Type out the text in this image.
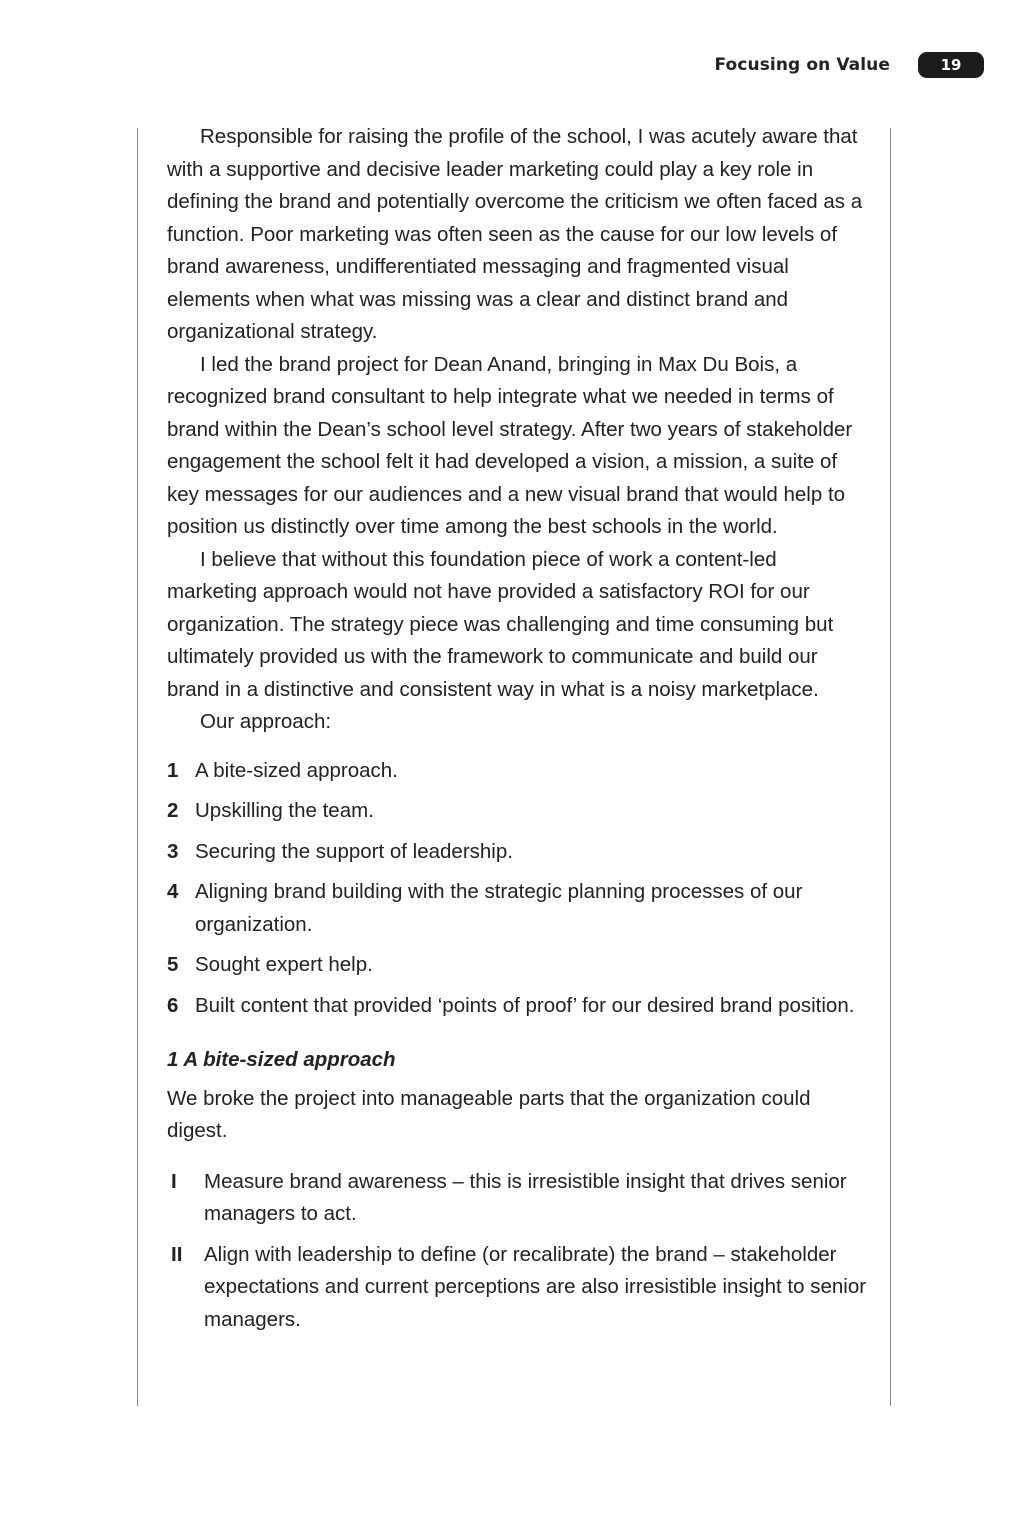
Focusing on Value	19

Responsible for raising the profile of the school, I was acutely aware that with a supportive and decisive leader marketing could play a key role in defining the brand and potentially overcome the criticism we often faced as a function. Poor marketing was often seen as the cause for our low levels of brand awareness, undifferentiated messaging and fragmented visual elements when what was missing was a clear and distinct brand and organizational strategy.

I led the brand project for Dean Anand, bringing in Max Du Bois, a recognized brand consultant to help integrate what we needed in terms of brand within the Dean’s school level strategy. After two years of stakeholder engagement the school felt it had developed a vision, a mission, a suite of key messages for our audiences and a new visual brand that would help to position us distinctly over time among the best schools in the world.

I believe that without this foundation piece of work a content-led marketing approach would not have provided a satisfactory ROI for our organization. The strategy piece was challenging and time consuming but ultimately provided us with the framework to communicate and build our brand in a distinctive and consistent way in what is a noisy marketplace.

Our approach:

1 A bite-sized approach.
2 Upskilling the team.
3 Securing the support of leadership.
4 Aligning brand building with the strategic planning processes of our organization.
5 Sought expert help.
6 Built content that provided ‘points of proof’ for our desired brand position.

1 A bite-sized approach

We broke the project into manageable parts that the organization could digest.

I	Measure brand awareness – this is irresistible insight that drives senior managers to act.
II	Align with leadership to define (or recalibrate) the brand – stakeholder expectations and current perceptions are also irresistible insight to senior managers.
